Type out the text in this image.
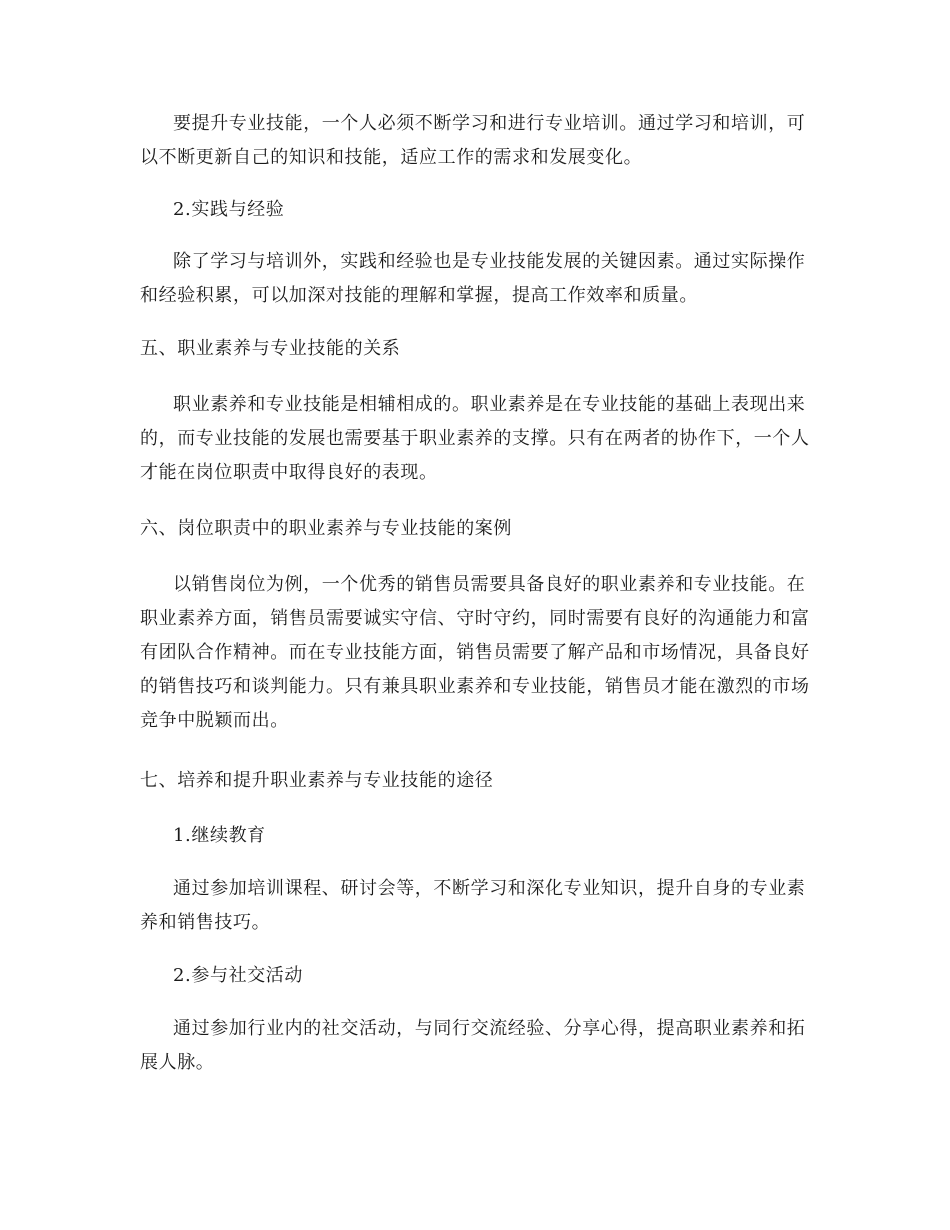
要提升专业技能，一个人必须不断学习和进行专业培训。通过学习和培训，可以不断更新自己的知识和技能，适应工作的需求和发展变化。

2.实践与经验

除了学习与培训外，实践和经验也是专业技能发展的关键因素。通过实际操作和经验积累，可以加深对技能的理解和掌握，提高工作效率和质量。

五、职业素养与专业技能的关系

职业素养和专业技能是相辅相成的。职业素养是在专业技能的基础上表现出来的，而专业技能的发展也需要基于职业素养的支撑。只有在两者的协作下，一个人才能在岗位职责中取得良好的表现。

六、岗位职责中的职业素养与专业技能的案例

以销售岗位为例，一个优秀的销售员需要具备良好的职业素养和专业技能。在职业素养方面，销售员需要诚实守信、守时守约，同时需要有良好的沟通能力和富有团队合作精神。而在专业技能方面，销售员需要了解产品和市场情况，具备良好的销售技巧和谈判能力。只有兼具职业素养和专业技能，销售员才能在激烈的市场竞争中脱颖而出。

七、培养和提升职业素养与专业技能的途径

1.继续教育

通过参加培训课程、研讨会等，不断学习和深化专业知识，提升自身的专业素养和销售技巧。

2.参与社交活动

通过参加行业内的社交活动，与同行交流经验、分享心得，提高职业素养和拓展人脉。
